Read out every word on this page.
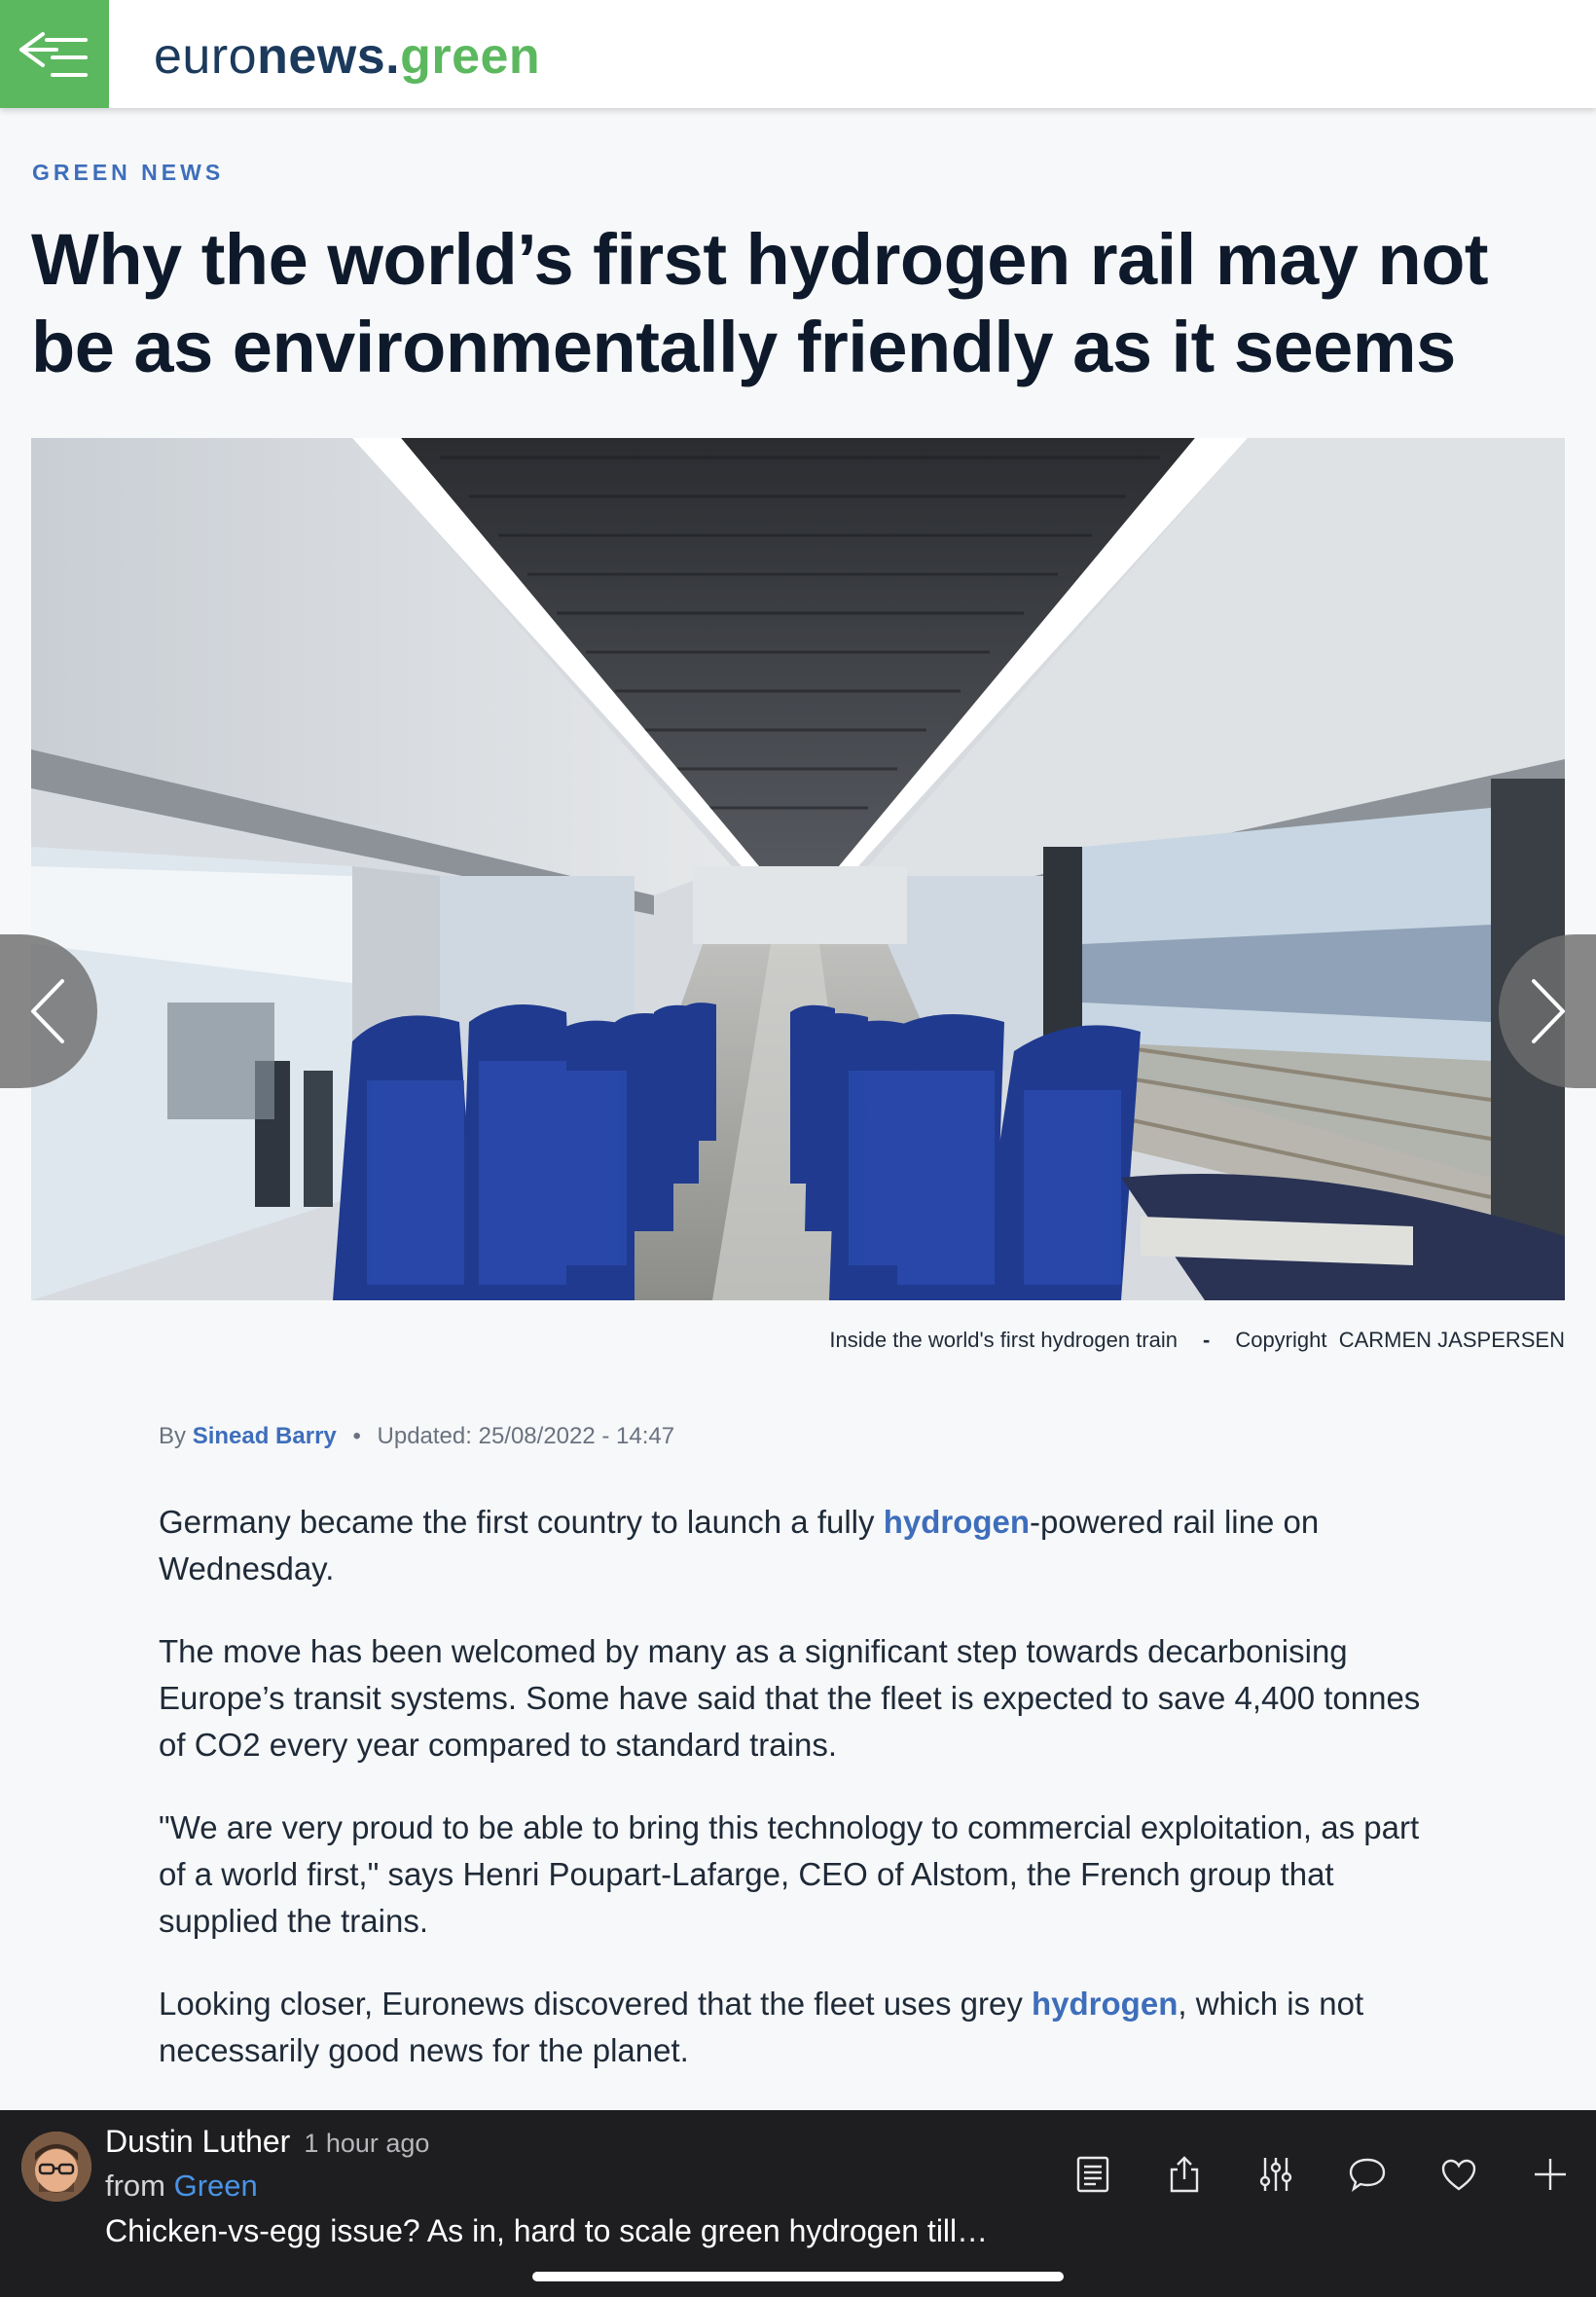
euronews.green
GREEN NEWS
Why the world’s first hydrogen rail may not be as environmentally friendly as it seems
Inside the world's first hydrogen train - Copyright
CARMEN JASPERSEN
By Sinead Barry • Updated: 25/08/2022 - 14:47

Germany became the first country to launch a fully hydrogen-powered rail line on Wednesday.

The move has been welcomed by many as a significant step towards decarbonising Europe’s transit systems. Some have said that the fleet is expected to save 4,400 tonnes of CO2 every year compared to standard trains.

"We are very proud to be able to bring this technology to commercial exploitation, as part of a world first," says Henri Poupart-Lafarge, CEO of Alstom, the French group that supplied the trains.

Looking closer, Euronews discovered that the fleet uses grey hydrogen, which is not necessarily good news for the planet.

Dustin Luther 1 hour ago
from Green
Chicken-vs-egg issue? As in, hard to scale green hydrogen till…
